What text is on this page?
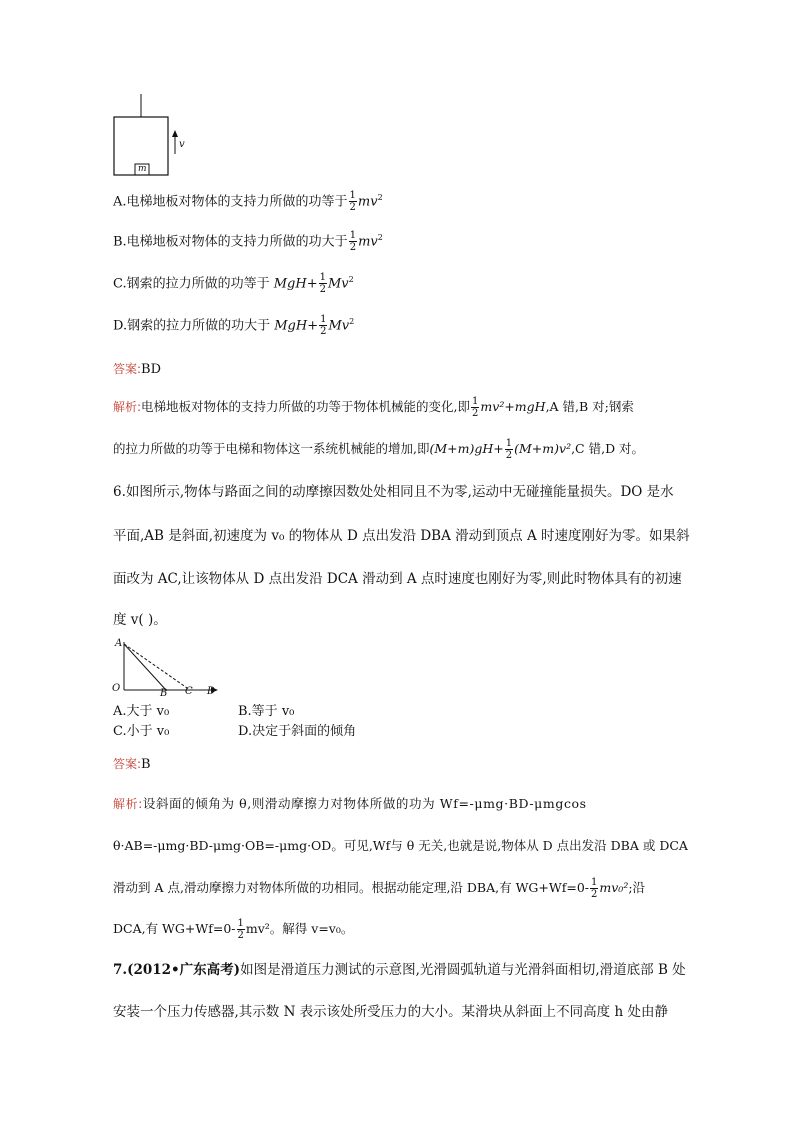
v
m
A.电梯地板对物体的支持力所做的功等于 $\frac{1}{2} mv^2$
B.电梯地板对物体的支持力所做的功大于 $\frac{1}{2} mv^2$
C.钢索的拉力所做的功等于 $MgH+ \frac{1}{2} Mv^2$
D.钢索的拉力所做的功大于 $MgH+ \frac{1}{2} Mv^2$
答案:BD
解析:电梯地板对物体的支持力所做的功等于物体机械能的变化,即 $\frac{1}{2} mv^2+mgH,A$ 错,B 对;钢索
的拉力所做的功等于电梯和物体这一系统机械能的增加,即$(M+m)gH+ \frac{1}{2} (M+m)v^2,C$ 错,D 对。
6.如图所示,物体与路面之间的动摩擦因数处处相同且不为零,运动中无碰撞能量损失。DO 是水
平面,AB 是斜面,初速度为 v₀ 的物体从 D 点出发沿 DBA 滑动到顶点 A 时速度刚好为零。如果斜
面改为 AC,让该物体从 D 点出发沿 DCA 滑动到 A 点时速度也刚好为零,则此时物体具有的初速
度 v( )。
A
O	B C D
A.大于 v₀	B.等于 v₀
C.小于 v₀	D.决定于斜面的倾角
答案:B
解析:设斜面的倾角为 θ,则滑动摩擦力对物体所做的功为 Wf=-μmg·BD-μmgcos
θ·AB=-μmg·BD-μmg·OB=-μmg·OD。可见,Wf与 θ 无关,也就是说,物体从 D 点出发沿 DBA 或 DCA
滑动到 A 点,滑动摩擦力对物体所做的功相同。根据动能定理,沿 DBA,有 $WG+Wf=0- \frac{1}{2} mv_0^2$;沿
DCA,有 $WG+Wf=0- \frac{1}{2} mv^2$。解得 v=v₀。
7.(2012•广东高考)如图是滑道压力测试的示意图,光滑圆弧轨道与光滑斜面相切,滑道底部 B 处
安装一个压力传感器,其示数 N 表示该处所受压力的大小。某滑块从斜面上不同高度 h 处由静
